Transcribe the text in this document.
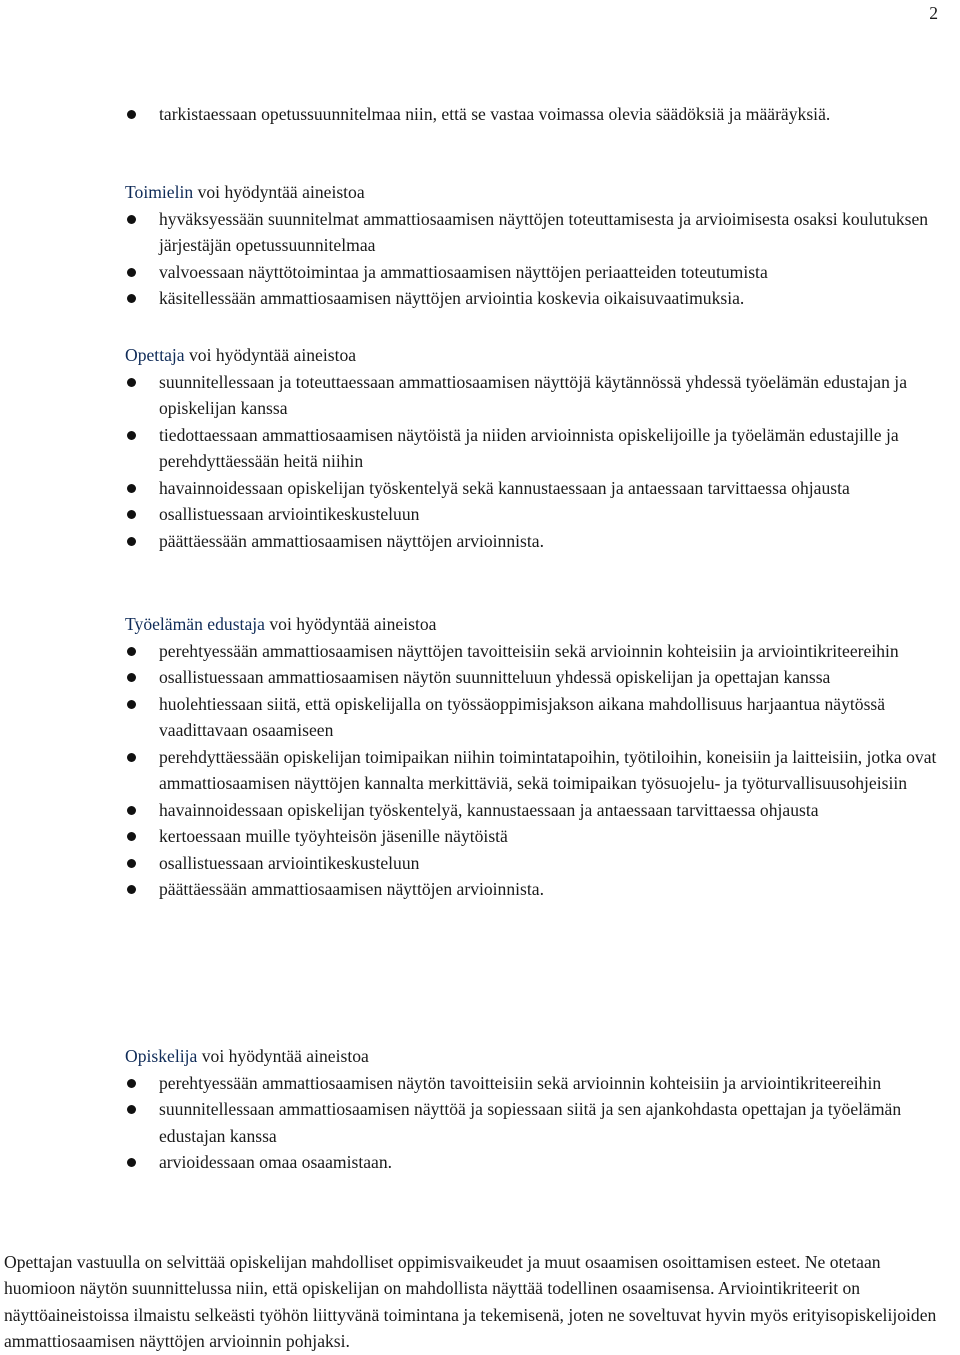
2
tarkistaessaan opetussuunnitelmaa niin, että se vastaa voimassa olevia säädöksiä ja määräyksiä.

Toimielin voi hyödyntää aineistoa

hyväksyessään suunnitelmat ammattiosaamisen näyttöjen toteuttamisesta ja arvioimisesta osaksi koulutuksen järjestäjän opetussuunnitelmaa
valvoessaan näyttötoimintaa ja ammattiosaamisen näyttöjen periaatteiden toteutumista
käsitellessään ammattiosaamisen näyttöjen arviointia koskevia oikaisuvaatimuksia.

Opettaja voi hyödyntää aineistoa

suunnitellessaan ja toteuttaessaan ammattiosaamisen näyttöjä käytännössä yhdessä työelämän edustajan ja opiskelijan kanssa
tiedottaessaan ammattiosaamisen näytöistä ja niiden arvioinnista opiskelijoille ja työelämän edustajille ja perehdyttäessään heitä niihin
havainnoidessaan opiskelijan työskentelyä sekä kannustaessaan ja antaessaan tarvittaessa ohjausta
osallistuessaan arviointikeskusteluun
päättäessään ammattiosaamisen näyttöjen arvioinnista.

Työelämän edustaja voi hyödyntää aineistoa

perehtyessään ammattiosaamisen näyttöjen tavoitteisiin sekä arvioinnin kohteisiin ja arviointikriteereihin
osallistuessaan ammattiosaamisen näytön suunnitteluun yhdessä opiskelijan ja opettajan kanssa
huolehtiessaan siitä, että opiskelijalla on työssäoppimisjakson aikana mahdollisuus harjaantua näytössä vaadittavaan osaamiseen
perehdyttäessään opiskelijan toimipaikan niihin toimintatapoihin, työtiloihin, koneisiin ja laitteisiin, jotka ovat ammattiosaamisen näyttöjen kannalta merkittäviä, sekä toimipaikan työsuojelu- ja työturvallisuusohjeisiin
havainnoidessaan opiskelijan työskentelyä, kannustaessaan ja antaessaan tarvittaessa ohjausta
kertoessaan muille työyhteisön jäsenille näytöistä
osallistuessaan arviointikeskusteluun
päättäessään ammattiosaamisen näyttöjen arvioinnista.

Opiskelija voi hyödyntää aineistoa

perehtyessään ammattiosaamisen näytön tavoitteisiin sekä arvioinnin kohteisiin ja arviointikriteereihin
suunnitellessaan ammattiosaamisen näyttöä ja sopiessaan siitä ja sen ajankohdasta opettajan ja työelämän edustajan kanssa
arvioidessaan omaa osaamistaan.

Opettajan vastuulla on selvittää opiskelijan mahdolliset oppimisvaikeudet ja muut osaamisen osoittamisen esteet. Ne otetaan huomioon näytön suunnittelussa niin, että opiskelijan on mahdollista näyttää todellinen osaamisensa. Arviointikriteerit on näyttöaineistoissa ilmaistu selkeästi työhön liittyvänä toimintana ja tekemisenä, joten ne soveltuvat hyvin myös erityisopiskelijoiden ammattiosaamisen näyttöjen arvioinnin pohjaksi.
